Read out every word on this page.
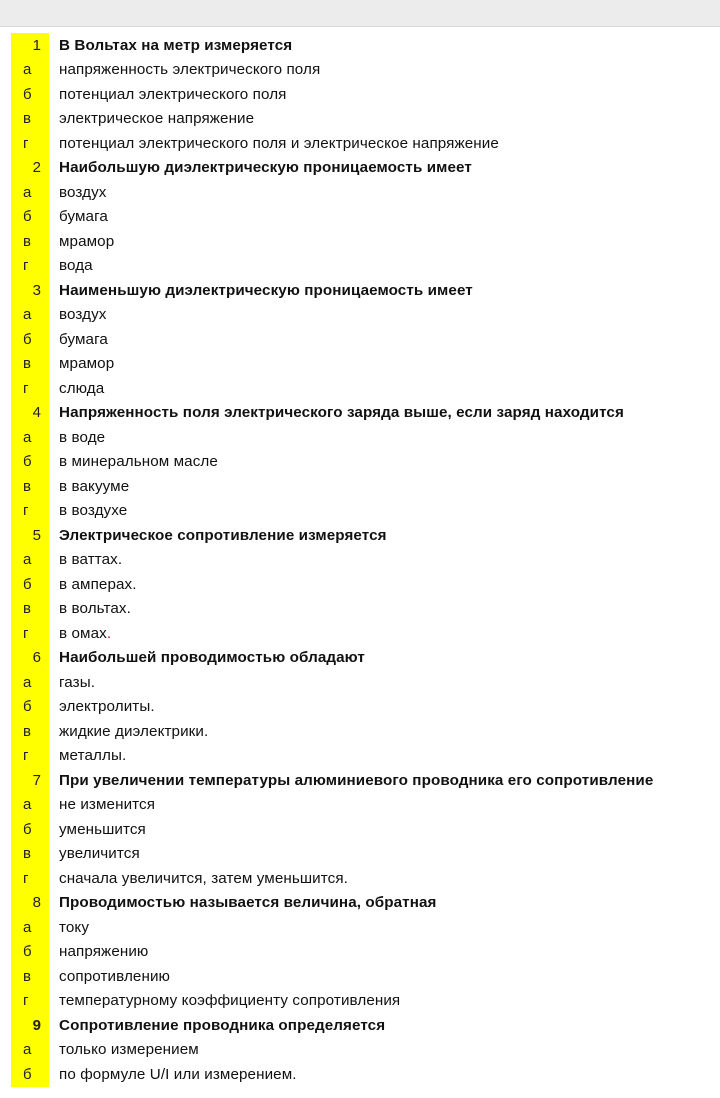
1	В Вольтах на метр измеряется
а	напряженность электрического поля
б	потенциал электрического поля
в	электрическое напряжение
г	потенциал электрического поля и электрическое напряжение
2	Наибольшую диэлектрическую проницаемость имеет
а	воздух
б	бумага
в	мрамор
г	вода
3	Наименьшую диэлектрическую проницаемость имеет
а	воздух
б	бумага
в	мрамор
г	слюда
4	Напряженность поля электрического заряда выше, если заряд находится
а	в воде
б	в минеральном масле
в	в вакууме
г	в воздухе
5	Электрическое сопротивление измеряется
а	в ваттах.
б	в амперах.
в	в вольтах.
г	в омах.
6	Наибольшей проводимостью обладают
а	газы.
б	электролиты.
в	жидкие диэлектрики.
г	металлы.
7	При увеличении температуры алюминиевого проводника его сопротивление
а	не изменится
б	уменьшится
в	увеличится
г	сначала увеличится, затем уменьшится.
8	Проводимостью называется величина, обратная
а	току
б	напряжению
в	сопротивлению
г	температурному коэффициенту сопротивления
9	Сопротивление проводника определяется
а	только измерением
б	по формуле U/I или измерением.
